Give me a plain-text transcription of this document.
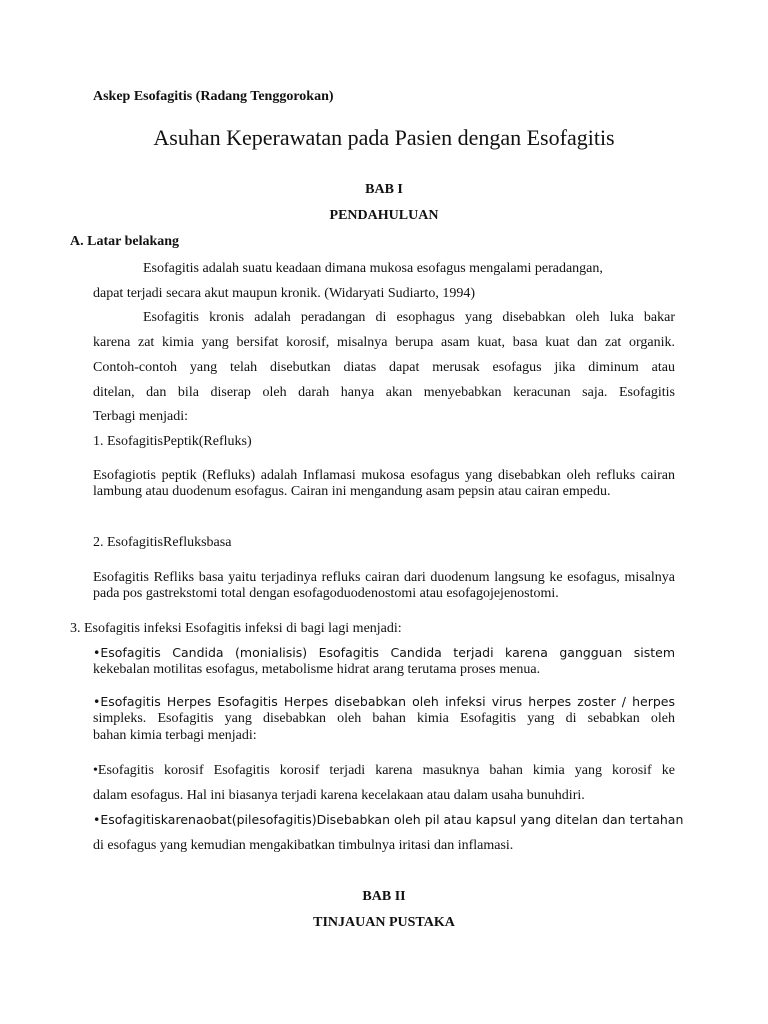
Askep Esofagitis (Radang Tenggorokan)
Asuhan Keperawatan pada Pasien dengan Esofagitis
BAB I
PENDAHULUAN
A. Latar belakang
Esofagitis adalah suatu keadaan dimana mukosa esofagus mengalami peradangan,
dapat terjadi secara akut maupun kronik. (Widaryati Sudiarto, 1994)
Esofagitis kronis adalah peradangan di esophagus yang disebabkan oleh luka bakar
karena zat kimia yang bersifat korosif, misalnya berupa asam kuat, basa kuat dan zat organik.
Contoh-contoh yang telah disebutkan diatas dapat merusak esofagus jika diminum atau
ditelan, dan bila diserap oleh darah hanya akan menyebabkan keracunan saja. Esofagitis
Terbagi menjadi:
1. EsofagitisPeptik(Refluks)
Esofagiotis peptik (Refluks) adalah Inflamasi mukosa esofagus yang disebabkan oleh refluks cairan lambung atau duodenum esofagus. Cairan ini mengandung asam pepsin atau cairan empedu.
2. EsofagitisRefluksbasa
Esofagitis Refliks basa yaitu terjadinya refluks cairan dari duodenum langsung ke esofagus, misalnya pada pos gastrekstomi total dengan esofagoduodenostomi atau esofagojejenostomi.
3. Esofagitis infeksi Esofagitis infeksi di bagi lagi menjadi:
•Esofagitis Candida (monialisis) Esofagitis Candida terjadi karena gangguan sistem
kekebalan motilitas esofagus, metabolisme hidrat arang terutama proses menua.
•Esofagitis Herpes Esofagitis Herpes disebabkan oleh infeksi virus herpes zoster / herpes
simpleks. Esofagitis yang disebabkan oleh bahan kimia Esofagitis yang di sebabkan oleh
bahan kimia terbagi menjadi:
•Esofagitis korosif Esofagitis korosif terjadi karena masuknya bahan kimia yang korosif ke
dalam esofagus. Hal ini biasanya terjadi karena kecelakaan atau dalam usaha bunuhdiri.
•Esofagitiskarenaobat(pilesofagitis)Disebabkan oleh pil atau kapsul yang ditelan dan tertahan
di esofagus yang kemudian mengakibatkan timbulnya iritasi dan inflamasi.
BAB II
TINJAUAN PUSTAKA
